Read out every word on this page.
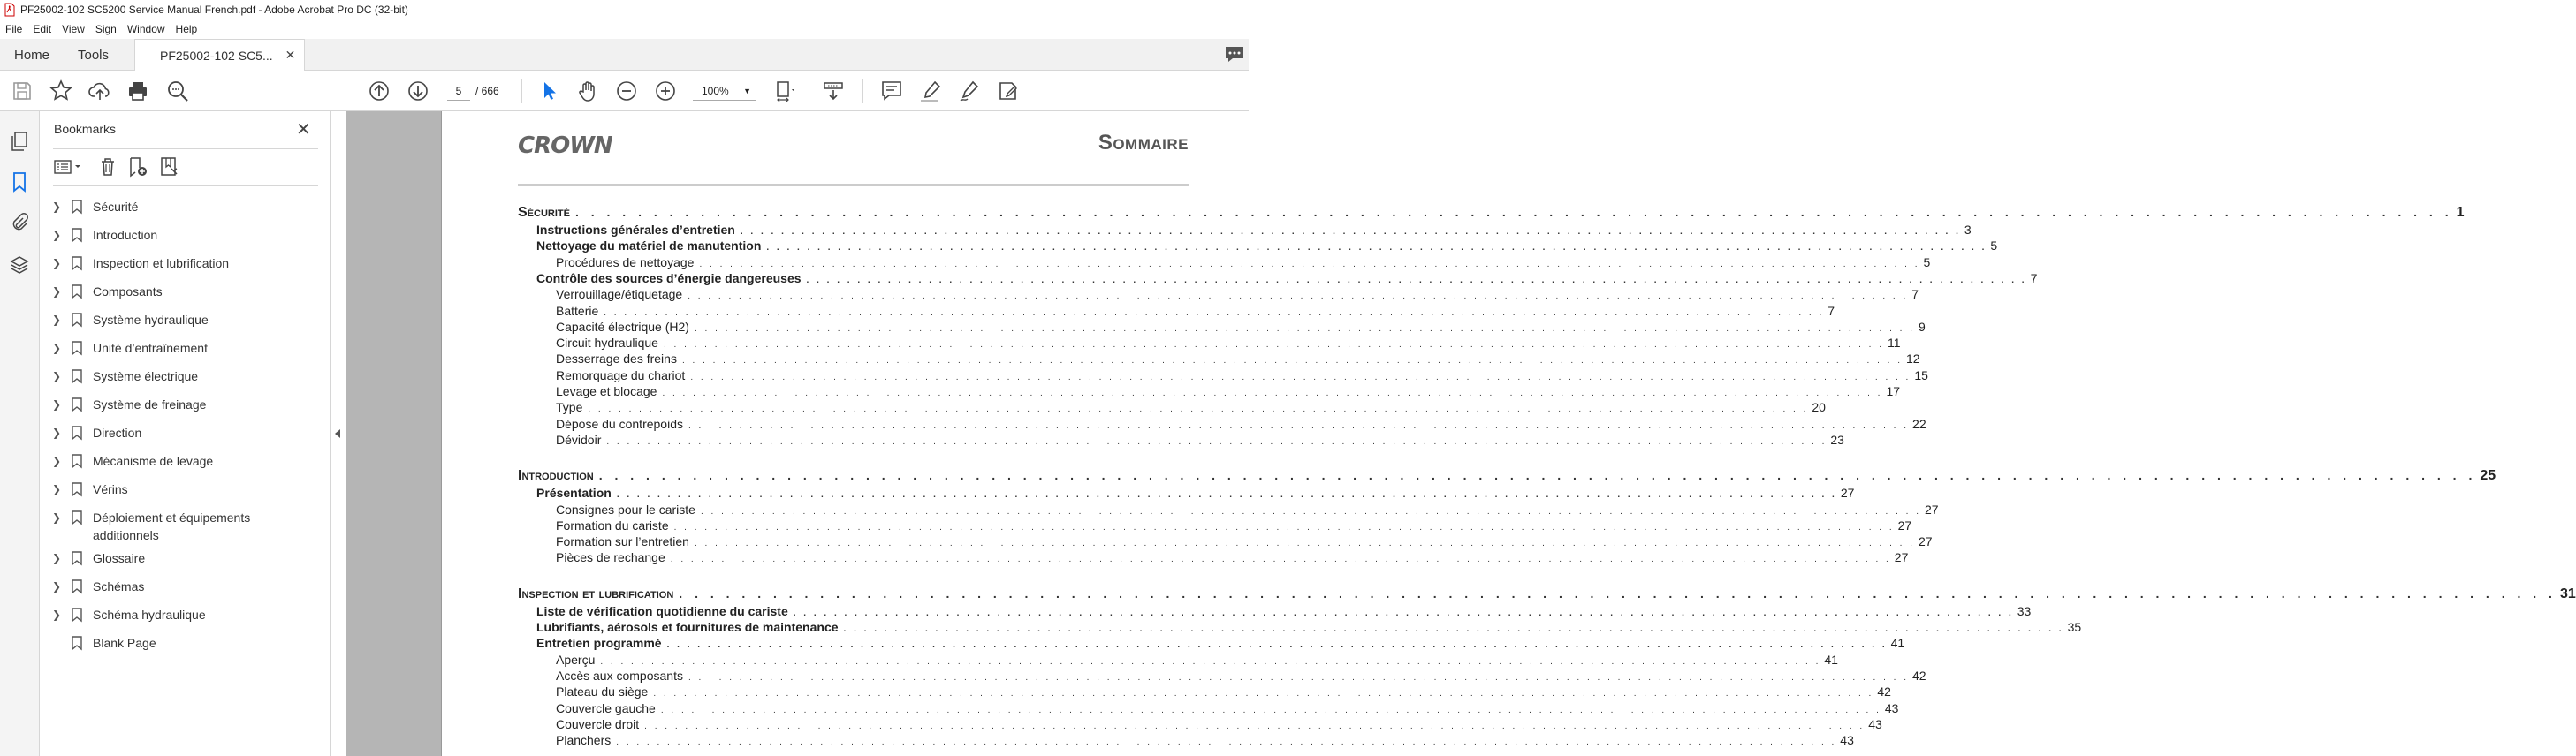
PF25002-102 SC5200 Service Manual French.pdf - Adobe Acrobat Pro DC (32-bit)
File	Edit	View	Sign	Window	Help
Home Tools	PF25002-102 SC5... ✕
5	/ 666	100% ▼
Bookmarks	✕
❯	Sécurité
❯	Introduction
❯	Inspection et lubrification
❯	Composants
❯	Système hydraulique
❯	Unité d’entraînement
❯	Système électrique
❯	Système de freinage
❯	Direction
❯	Mécanisme de levage
❯	Vérins
❯	Déploiement et équipements additionnels
❯	Glossaire
❯	Schémas
❯	Schéma hydraulique
Blank Page
CROWN	Sommaire
Sécurité . . . . . . . . . . . . . . . . . . . . . . . . . . . . . . . . . . . . . . . . . . . . . . . . . . . . . . . . . . . . . . . . . . . . . . . . . . . . . . . . . . . . . . . . . . . . . . . . . . . . . . . . . . . . . . . . . . . . . . . . 1
Instructions générales d’entretien . . . . . . . . . . . . . . . . . . . . . . . . . . . . . . . . . . . . . . . . . . . . . . . . . . . . . . . . . . . . . . . . . . . . . . . . . . . . . . . . . . . . . . . . . . . . . . . . . . . . . . . . . . . . . . . . . . . . . . . . 3
Nettoyage du matériel de manutention . . . . . . . . . . . . . . . . . . . . . . . . . . . . . . . . . . . . . . . . . . . . . . . . . . . . . . . . . . . . . . . . . . . . . . . . . . . . . . . . . . . . . . . . . . . . . . . . . . . . . . . . . . . . . . . . . . . . . . . . 5
Procédures de nettoyage . . . . . . . . . . . . . . . . . . . . . . . . . . . . . . . . . . . . . . . . . . . . . . . . . . . . . . . . . . . . . . . . . . . . . . . . . . . . . . . . . . . . . . . . . . . . . . . . . . . . . . . . . . . . . . . . . . . . . . . . 5
Contrôle des sources d’énergie dangereuses . . . . . . . . . . . . . . . . . . . . . . . . . . . . . . . . . . . . . . . . . . . . . . . . . . . . . . . . . . . . . . . . . . . . . . . . . . . . . . . . . . . . . . . . . . . . . . . . . . . . . . . . . . . . . . . . . . . . . . . . 7
Verrouillage/étiquetage . . . . . . . . . . . . . . . . . . . . . . . . . . . . . . . . . . . . . . . . . . . . . . . . . . . . . . . . . . . . . . . . . . . . . . . . . . . . . . . . . . . . . . . . . . . . . . . . . . . . . . . . . . . . . . . . . . . . . . . . 7
Batterie . . . . . . . . . . . . . . . . . . . . . . . . . . . . . . . . . . . . . . . . . . . . . . . . . . . . . . . . . . . . . . . . . . . . . . . . . . . . . . . . . . . . . . . . . . . . . . . . . . . . . . . . . . . . . . . . . . . . . . . . 7
Capacité électrique (H2) . . . . . . . . . . . . . . . . . . . . . . . . . . . . . . . . . . . . . . . . . . . . . . . . . . . . . . . . . . . . . . . . . . . . . . . . . . . . . . . . . . . . . . . . . . . . . . . . . . . . . . . . . . . . . . . . . . . . . . . . 9
Circuit hydraulique . . . . . . . . . . . . . . . . . . . . . . . . . . . . . . . . . . . . . . . . . . . . . . . . . . . . . . . . . . . . . . . . . . . . . . . . . . . . . . . . . . . . . . . . . . . . . . . . . . . . . . . . . . . . . . . . . . . . . . . . 11
Desserrage des freins . . . . . . . . . . . . . . . . . . . . . . . . . . . . . . . . . . . . . . . . . . . . . . . . . . . . . . . . . . . . . . . . . . . . . . . . . . . . . . . . . . . . . . . . . . . . . . . . . . . . . . . . . . . . . . . . . . . . . . . . 12
Remorquage du chariot . . . . . . . . . . . . . . . . . . . . . . . . . . . . . . . . . . . . . . . . . . . . . . . . . . . . . . . . . . . . . . . . . . . . . . . . . . . . . . . . . . . . . . . . . . . . . . . . . . . . . . . . . . . . . . . . . . . . . . . . 15
Levage et blocage . . . . . . . . . . . . . . . . . . . . . . . . . . . . . . . . . . . . . . . . . . . . . . . . . . . . . . . . . . . . . . . . . . . . . . . . . . . . . . . . . . . . . . . . . . . . . . . . . . . . . . . . . . . . . . . . . . . . . . . . 17
Type . . . . . . . . . . . . . . . . . . . . . . . . . . . . . . . . . . . . . . . . . . . . . . . . . . . . . . . . . . . . . . . . . . . . . . . . . . . . . . . . . . . . . . . . . . . . . . . . . . . . . . . . . . . . . . . . . . . . . . . . 20
Dépose du contrepoids . . . . . . . . . . . . . . . . . . . . . . . . . . . . . . . . . . . . . . . . . . . . . . . . . . . . . . . . . . . . . . . . . . . . . . . . . . . . . . . . . . . . . . . . . . . . . . . . . . . . . . . . . . . . . . . . . . . . . . . . 22
Dévidoir . . . . . . . . . . . . . . . . . . . . . . . . . . . . . . . . . . . . . . . . . . . . . . . . . . . . . . . . . . . . . . . . . . . . . . . . . . . . . . . . . . . . . . . . . . . . . . . . . . . . . . . . . . . . . . . . . . . . . . . . 23
Introduction . . . . . . . . . . . . . . . . . . . . . . . . . . . . . . . . . . . . . . . . . . . . . . . . . . . . . . . . . . . . . . . . . . . . . . . . . . . . . . . . . . . . . . . . . . . . . . . . . . . . . . . . . . . . . . . . . . . . . . . . 25
Présentation . . . . . . . . . . . . . . . . . . . . . . . . . . . . . . . . . . . . . . . . . . . . . . . . . . . . . . . . . . . . . . . . . . . . . . . . . . . . . . . . . . . . . . . . . . . . . . . . . . . . . . . . . . . . . . . . . . . . . . . . 27
Consignes pour le cariste . . . . . . . . . . . . . . . . . . . . . . . . . . . . . . . . . . . . . . . . . . . . . . . . . . . . . . . . . . . . . . . . . . . . . . . . . . . . . . . . . . . . . . . . . . . . . . . . . . . . . . . . . . . . . . . . . . . . . . . . 27
Formation du cariste . . . . . . . . . . . . . . . . . . . . . . . . . . . . . . . . . . . . . . . . . . . . . . . . . . . . . . . . . . . . . . . . . . . . . . . . . . . . . . . . . . . . . . . . . . . . . . . . . . . . . . . . . . . . . . . . . . . . . . . . 27
Formation sur l’entretien . . . . . . . . . . . . . . . . . . . . . . . . . . . . . . . . . . . . . . . . . . . . . . . . . . . . . . . . . . . . . . . . . . . . . . . . . . . . . . . . . . . . . . . . . . . . . . . . . . . . . . . . . . . . . . . . . . . . . . . . 27
Pièces de rechange . . . . . . . . . . . . . . . . . . . . . . . . . . . . . . . . . . . . . . . . . . . . . . . . . . . . . . . . . . . . . . . . . . . . . . . . . . . . . . . . . . . . . . . . . . . . . . . . . . . . . . . . . . . . . . . . . . . . . . . . 27
Inspection et lubrification . . . . . . . . . . . . . . . . . . . . . . . . . . . . . . . . . . . . . . . . . . . . . . . . . . . . . . . . . . . . . . . . . . . . . . . . . . . . . . . . . . . . . . . . . . . . . . . . . . . . . . . . . . . . . . . . . . . . . . . . 31
Liste de vérification quotidienne du cariste . . . . . . . . . . . . . . . . . . . . . . . . . . . . . . . . . . . . . . . . . . . . . . . . . . . . . . . . . . . . . . . . . . . . . . . . . . . . . . . . . . . . . . . . . . . . . . . . . . . . . . . . . . . . . . . . . . . . . . . . 33
Lubrifiants, aérosols et fournitures de maintenance . . . . . . . . . . . . . . . . . . . . . . . . . . . . . . . . . . . . . . . . . . . . . . . . . . . . . . . . . . . . . . . . . . . . . . . . . . . . . . . . . . . . . . . . . . . . . . . . . . . . . . . . . . . . . . . . . . . . . . . . 35
Entretien programmé . . . . . . . . . . . . . . . . . . . . . . . . . . . . . . . . . . . . . . . . . . . . . . . . . . . . . . . . . . . . . . . . . . . . . . . . . . . . . . . . . . . . . . . . . . . . . . . . . . . . . . . . . . . . . . . . . . . . . . . . 41
Aperçu . . . . . . . . . . . . . . . . . . . . . . . . . . . . . . . . . . . . . . . . . . . . . . . . . . . . . . . . . . . . . . . . . . . . . . . . . . . . . . . . . . . . . . . . . . . . . . . . . . . . . . . . . . . . . . . . . . . . . . . . 41
Accès aux composants . . . . . . . . . . . . . . . . . . . . . . . . . . . . . . . . . . . . . . . . . . . . . . . . . . . . . . . . . . . . . . . . . . . . . . . . . . . . . . . . . . . . . . . . . . . . . . . . . . . . . . . . . . . . . . . . . . . . . . . . 42
Plateau du siège . . . . . . . . . . . . . . . . . . . . . . . . . . . . . . . . . . . . . . . . . . . . . . . . . . . . . . . . . . . . . . . . . . . . . . . . . . . . . . . . . . . . . . . . . . . . . . . . . . . . . . . . . . . . . . . . . . . . . . . . 42
Couvercle gauche . . . . . . . . . . . . . . . . . . . . . . . . . . . . . . . . . . . . . . . . . . . . . . . . . . . . . . . . . . . . . . . . . . . . . . . . . . . . . . . . . . . . . . . . . . . . . . . . . . . . . . . . . . . . . . . . . . . . . . . . 43
Couvercle droit . . . . . . . . . . . . . . . . . . . . . . . . . . . . . . . . . . . . . . . . . . . . . . . . . . . . . . . . . . . . . . . . . . . . . . . . . . . . . . . . . . . . . . . . . . . . . . . . . . . . . . . . . . . . . . . . . . . . . . . . 43
Planchers . . . . . . . . . . . . . . . . . . . . . . . . . . . . . . . . . . . . . . . . . . . . . . . . . . . . . . . . . . . . . . . . . . . . . . . . . . . . . . . . . . . . . . . . . . . . . . . . . . . . . . . . . . . . . . . . . . . . . . . . 43
